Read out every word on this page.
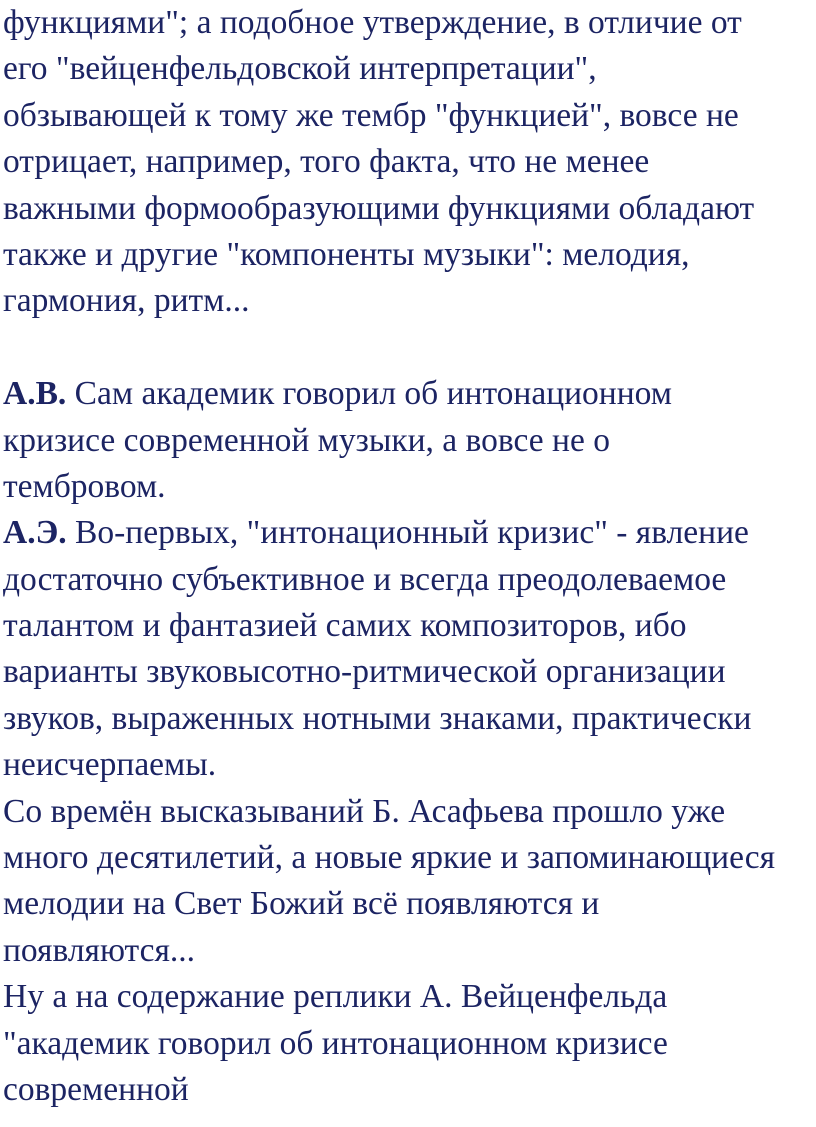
функциями"; а подобное утверждение, в отличие от
его "вейценфельдовской интерпретации",
обзывающей к тому же тембр "функцией", вовсе не
отрицает, например, того факта, что не менее
важными формообразующими функциями обладают
также и другие "компоненты музыки": мелодия,
гармония, ритм...
А.В. Сам академик говорил об интонационном
кризисе современной музыки, а вовсе не о
тембровом.
А.Э. Во-первых, "интонационный кризис" - явление
достаточно субъективное и всегда преодолеваемое
талантом и фантазией самих композиторов, ибо
варианты звуковысотно-ритмической организации
звуков, выраженных нотными знаками, практически
неисчерпаемы.
Со времён высказываний Б. Асафьева прошло уже
много десятилетий, а новые яркие и запоминающиеся
мелодии на Свет Божий всё появляются и
появляются...
Ну а на содержание реплики А. Вейценфельда
"академик говорил об интонационном кризисе
современной
